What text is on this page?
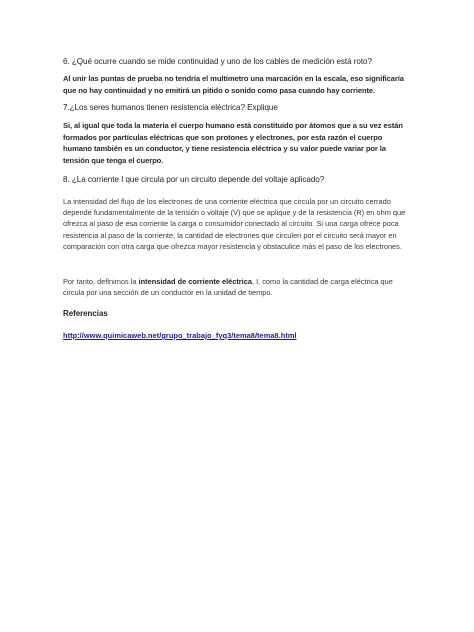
6. ¿Qué ocurre cuando se mide continuidad y uno de los cables de medición está roto?

Al unir las puntas de prueba no tendría el multímetro una marcación en la escala, eso significaría que no hay continuidad y no emitirá un pitido o sonido como pasa cuando hay corriente.

7.¿Los seres humanos tienen resistencia eléctrica? Explique

Si, al igual que toda la materia el cuerpo humano está constituido por átomos que a su vez están formados por partículas eléctricas que son protones y electrones, por esta razón el cuerpo humano también es un conductor, y tiene resistencia eléctrica y su valor puede variar por la tensión que tenga el cuerpo.

8. ¿La corriente I que circula por un circuito depende del voltaje aplicado?

La intensidad del flujo de los electrones de una corriente eléctrica que circula por un circuito cerrado depende fundamentalmente de la tensión o voltaje (V) que se aplique y de la resistencia (R) en ohm que ofrezca al paso de esa corriente la carga o consumidor conectado al circuito. Si una carga ofrece poca resistencia al paso de la corriente, la cantidad de electrones que circulen por el circuito será mayor en comparación con otra carga que ofrezca mayor resistencia y obstaculice más el paso de los electrones.

Por tanto, definimos la intensidad de corriente eléctrica, I, como la cantidad de carga eléctrica que circula por una sección de un conductor en la unidad de tiempo.

Referencias

http://www.quimicaweb.net/grupo_trabajo_fyq3/tema8/tema8.html
